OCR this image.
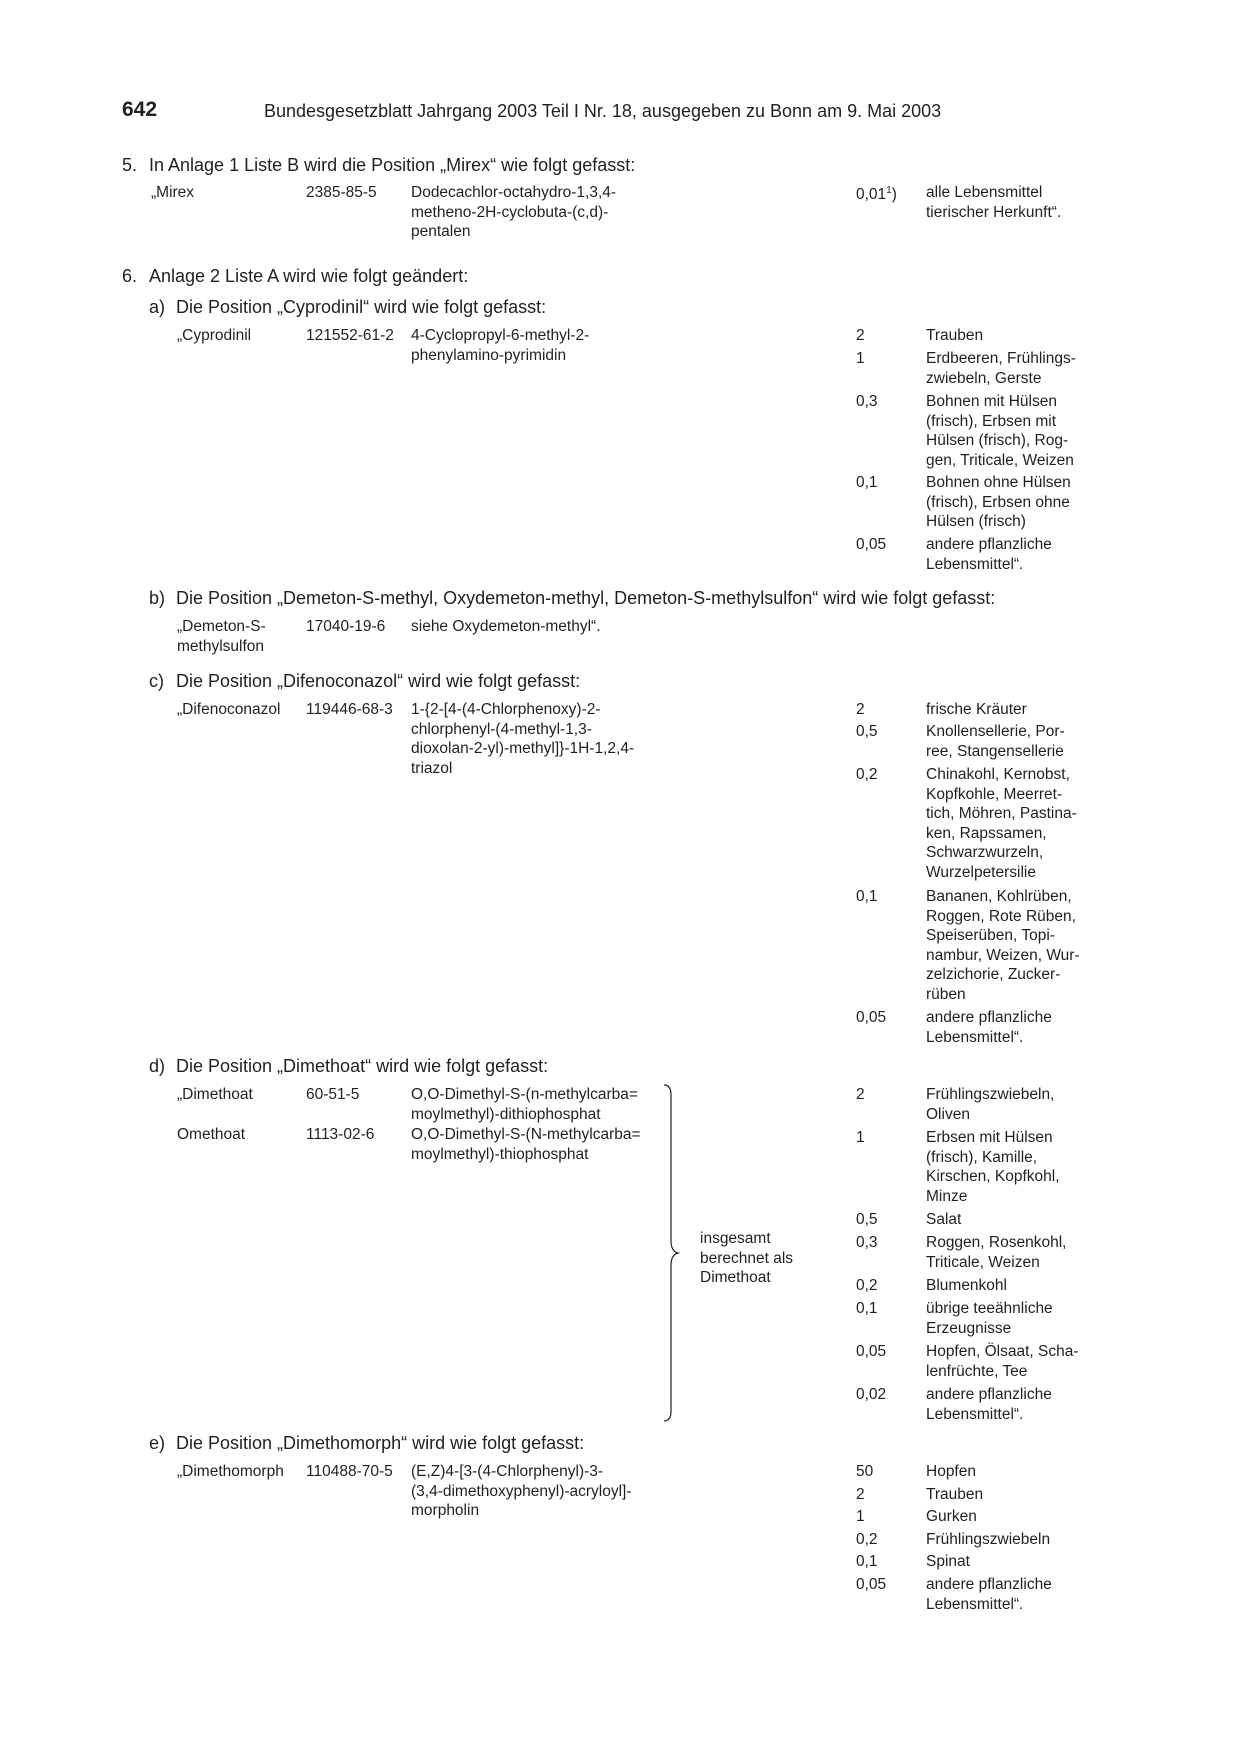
642	Bundesgesetzblatt Jahrgang 2003 Teil I Nr. 18, ausgegeben zu Bonn am 9. Mai 2003
5. In Anlage 1 Liste B wird die Position „Mirex“ wie folgt gefasst:
„Mirex	2385-85-5 Dodecachlor-octahydro-1,3,4-
metheno-2H-cyclobuta-(c,d)-
pentalen
0,01$^1$) alle Lebensmittel
tierischer Herkunft“.
6. Anlage 2 Liste A wird wie folgt geändert:
a) Die Position „Cyprodinil“ wird wie folgt gefasst:
„Cyprodinil	121552-61-2 4-Cyclopropyl-6-methyl-2-
phenylamino-pyrimidin
2	Trauben
1	Erdbeeren, Frühlings-
zwiebeln, Gerste
0,3	Bohnen mit Hülsen
(frisch), Erbsen mit
Hülsen (frisch), Rog-
gen, Triticale, Weizen
0,1	Bohnen ohne Hülsen
(frisch), Erbsen ohne
Hülsen (frisch)
0,05	andere pflanzliche
Lebensmittel“.
b) Die Position „Demeton-S-methyl, Oxydemeton-methyl, Demeton-S-methylsulfon“ wird wie folgt gefasst:
„Demeton-S-
methylsulfon
17040-19-6 siehe Oxydemeton-methyl“.
c) Die Position „Difenoconazol“ wird wie folgt gefasst:
„Difenoconazol 119446-68-3 1-{2-[4-(4-Chlorphenoxy)-2-
chlorphenyl-(4-methyl-1,3-
dioxolan-2-yl)-methyl]}-1H-1,2,4-
triazol
2	frische Kräuter
0,5	Knollensellerie, Por-
ree, Stangensellerie
0,2	Chinakohl, Kernobst,
Kopfkohle, Meerret-
tich, Möhren, Pastina-
ken, Rapssamen,
Schwarzwurzeln,
Wurzelpetersilie
0,1	Bananen, Kohlrüben,
Roggen, Rote Rüben,
Speiserüben, Topi-
nambur, Weizen, Wur-
zelzichorie, Zucker-
rüben
0,05	andere pflanzliche
Lebensmittel“.
d) Die Position „Dimethoat“ wird wie folgt gefasst:
„Dimethoat	60-51-5	O,O-Dimethyl-S-(n-methylcarba=
moylmethyl)-dithiophosphat
Omethoat	1113-02-6 O,O-Dimethyl-S-(N-methylcarba=
moylmethyl)-thiophosphat
insgesamt
berechnet als
Dimethoat
2	Frühlingszwiebeln,
Oliven
1	Erbsen mit Hülsen
(frisch), Kamille,
Kirschen, Kopfkohl,
Minze
0,5	Salat
0,3	Roggen, Rosenkohl,
Triticale, Weizen
0,2	Blumenkohl
0,1	übrige teeähnliche
Erzeugnisse
0,05	Hopfen, Ölsaat, Scha-
lenfrüchte, Tee
0,02	andere pflanzliche
Lebensmittel“.
e) Die Position „Dimethomorph“ wird wie folgt gefasst:
„Dimethomorph 110488-70-5 (E,Z)4-[3-(4-Chlorphenyl)-3-
(3,4-dimethoxyphenyl)-acryloyl]-
morpholin
50	Hopfen
2	Trauben
1	Gurken
0,2	Frühlingszwiebeln
0,1	Spinat
0,05	andere pflanzliche
Lebensmittel“.
